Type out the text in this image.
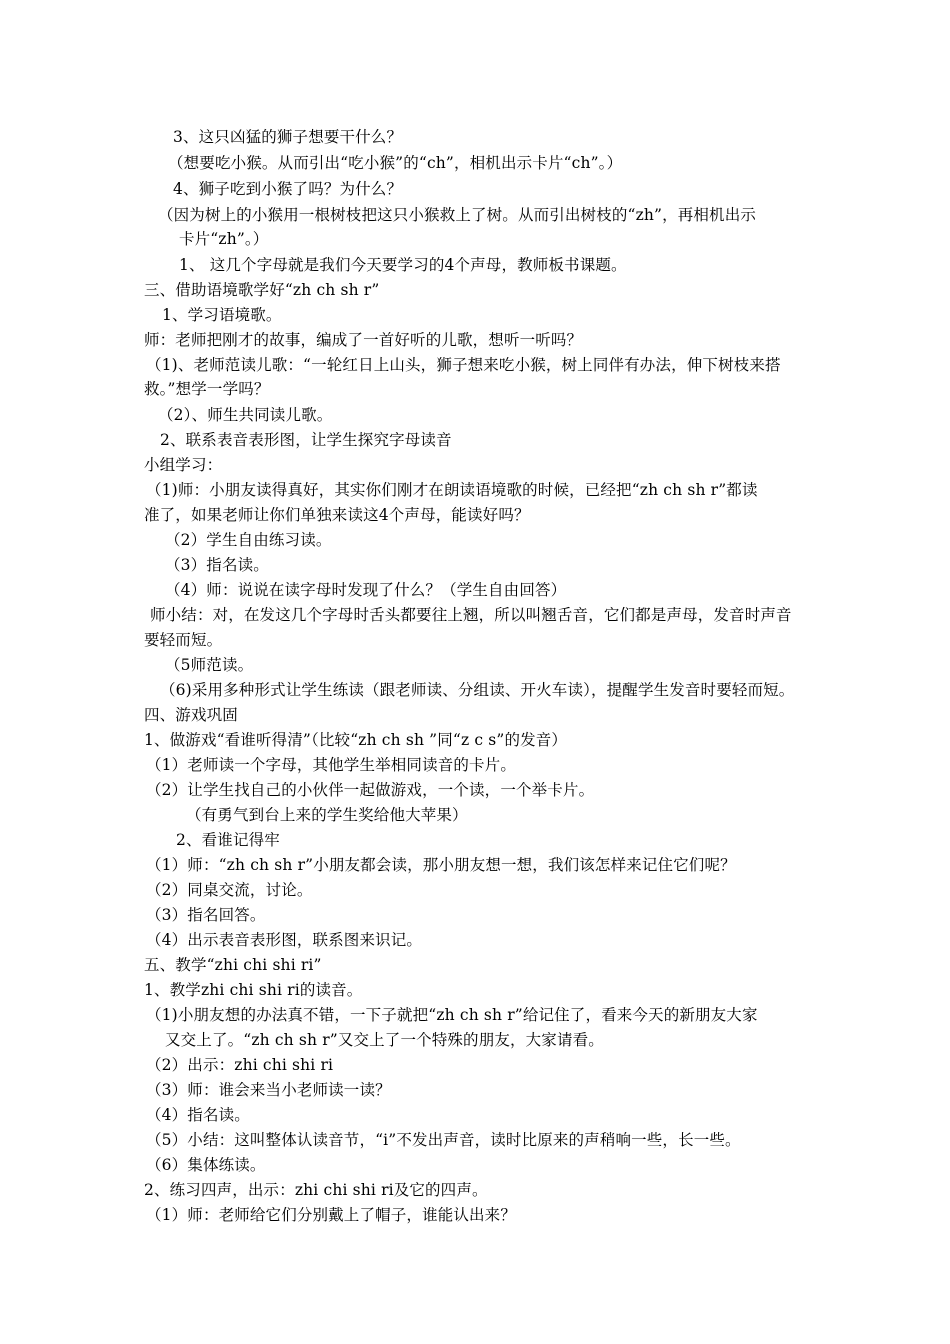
3、这只凶猛的狮子想要干什么？
（想要吃小猴。从而引出“吃小猴”的“ch”，相机出示卡片“ch”。）
4、狮子吃到小猴了吗？为什么？
（因为树上的小猴用一根树枝把这只小猴救上了树。从而引出树枝的“zh”，再相机出示
卡片“zh”。）
1、 这几个字母就是我们今天要学习的4个声母，教师板书课题。
三、借助语境歌学好“zh ch sh r”
1、学习语境歌。
师：老师把刚才的故事，编成了一首好听的儿歌，想听一听吗？
（1)、老师范读儿歌：“一轮红日上山头，狮子想来吃小猴，树上同伴有办法，伸下树枝来搭
救。”想学一学吗？
（2）、师生共同读儿歌。
2、联系表音表形图，让学生探究字母读音
小组学习：
（1)师：小朋友读得真好，其实你们刚才在朗读语境歌的时候，已经把“zh ch sh r”都读
准了，如果老师让你们单独来读这4个声母，能读好吗？
（2）学生自由练习读。
（3）指名读。
（4）师：说说在读字母时发现了什么？（学生自由回答）
师小结：对，在发这几个字母时舌头都要往上翘，所以叫翘舌音，它们都是声母，发音时声音
要轻而短。
（5师范读。
（6)采用多种形式让学生练读（跟老师读、分组读、开火车读），提醒学生发音时要轻而短。
四、游戏巩固
1、做游戏“看谁听得清”（比较“zh ch sh ”同“z c s”的发音）
（1）老师读一个字母，其他学生举相同读音的卡片。
（2）让学生找自己的小伙伴一起做游戏，一个读，一个举卡片。
（有勇气到台上来的学生奖给他大苹果）
2、看谁记得牢
（1）师：“zh ch sh r”小朋友都会读，那小朋友想一想，我们该怎样来记住它们呢？
（2）同桌交流，讨论。
（3）指名回答。
（4）出示表音表形图，联系图来识记。
五、教学“zhi chi shi ri”
1、教学zhi chi shi ri的读音。
（1)小朋友想的办法真不错，一下子就把“zh ch sh r”给记住了，看来今天的新朋友大家
又交上了。“zh ch sh r”又交上了一个特殊的朋友，大家请看。
（2）出示：zhi chi shi ri
（3）师：谁会来当小老师读一读？
（4）指名读。
（5）小结：这叫整体认读音节，“i”不发出声音，读时比原来的声稍响一些，长一些。
（6）集体练读。
2、练习四声，出示：zhi chi shi ri及它的四声。
（1）师：老师给它们分别戴上了帽子，谁能认出来？
